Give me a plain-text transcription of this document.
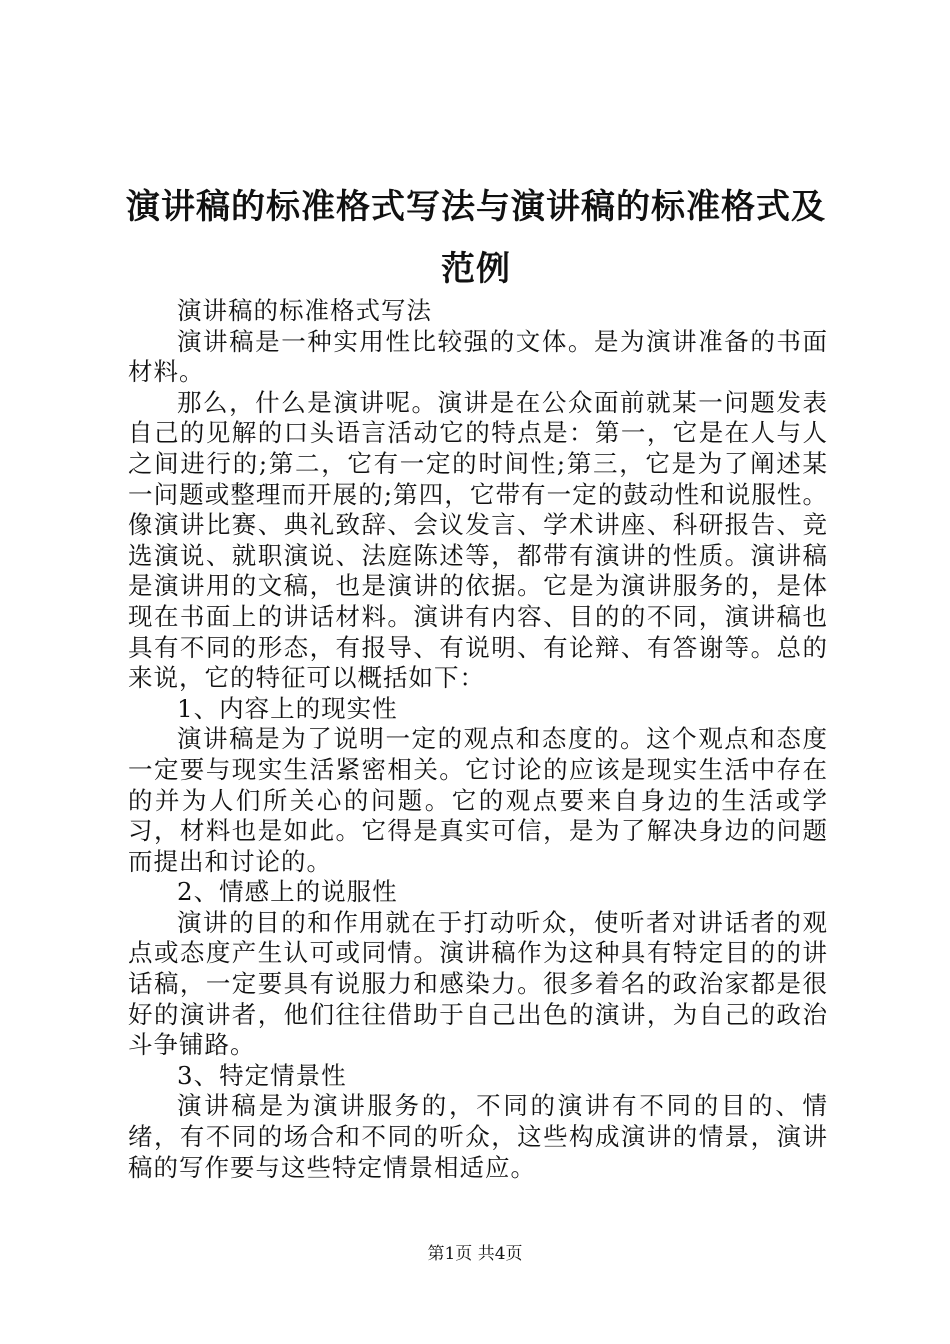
演讲稿的标准格式写法与演讲稿的标准格式及范例

演讲稿的标准格式写法

演讲稿是一种实用性比较强的文体。是为演讲准备的书面材料。

那么，什么是演讲呢。演讲是在公众面前就某一问题发表自己的见解的口头语言活动它的特点是：第一，它是在人与人之间进行的;第二，它有一定的时间性;第三，它是为了阐述某一问题或整理而开展的;第四，它带有一定的鼓动性和说服性。像演讲比赛、典礼致辞、会议发言、学术讲座、科研报告、竞选演说、就职演说、法庭陈述等，都带有演讲的性质。演讲稿是演讲用的文稿，也是演讲的依据。它是为演讲服务的，是体现在书面上的讲话材料。演讲有内容、目的的不同，演讲稿也具有不同的形态，有报导、有说明、有论辩、有答谢等。总的来说，它的特征可以概括如下：

1、内容上的现实性

演讲稿是为了说明一定的观点和态度的。这个观点和态度一定要与现实生活紧密相关。它讨论的应该是现实生活中存在的并为人们所关心的问题。它的观点要来自身边的生活或学习，材料也是如此。它得是真实可信，是为了解决身边的问题而提出和讨论的。

2、情感上的说服性

演讲的目的和作用就在于打动听众，使听者对讲话者的观点或态度产生认可或同情。演讲稿作为这种具有特定目的的讲话稿，一定要具有说服力和感染力。很多着名的政治家都是很好的演讲者，他们往往借助于自己出色的演讲，为自己的政治斗争铺路。

3、特定情景性

演讲稿是为演讲服务的，不同的演讲有不同的目的、情绪，有不同的场合和不同的听众，这些构成演讲的情景，演讲稿的写作要与这些特定情景相适应。

第1页 共4页
